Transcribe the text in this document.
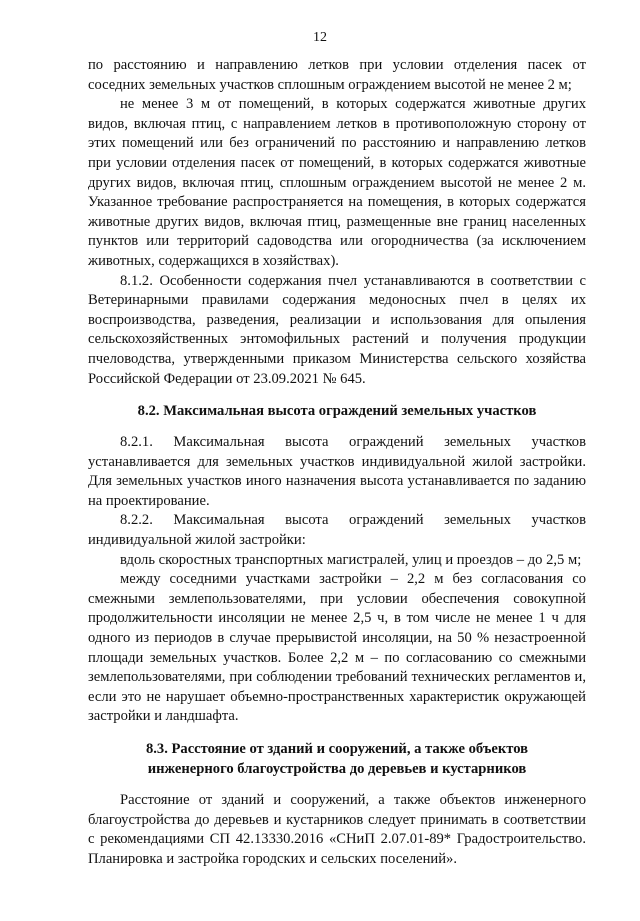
12

по расстоянию и направлению летков при условии отделения пасек от соседних земельных участков сплошным ограждением высотой не менее 2 м;

не менее 3 м от помещений, в которых содержатся животные других видов, включая птиц, с направлением летков в противоположную сторону от этих помещений или без ограничений по расстоянию и направлению летков при условии отделения пасек от помещений, в которых содержатся животные других видов, включая птиц, сплошным ограждением высотой не менее 2 м. Указанное требование распространяется на помещения, в которых содержатся животные других видов, включая птиц, размещенные вне границ населенных пунктов или территорий садоводства или огородничества (за исключением животных, содержащихся в хозяйствах).

8.1.2. Особенности содержания пчел устанавливаются в соответствии с Ветеринарными правилами содержания медоносных пчел в целях их воспроизводства, разведения, реализации и использования для опыления сельскохозяйственных энтомофильных растений и получения продукции пчеловодства, утвержденными приказом Министерства сельского хозяйства Российской Федерации от 23.09.2021 № 645.

8.2. Максимальная высота ограждений земельных участков

8.2.1. Максимальная высота ограждений земельных участков устанавливается для земельных участков индивидуальной жилой застройки. Для земельных участков иного назначения высота устанавливается по заданию на проектирование.

8.2.2. Максимальная высота ограждений земельных участков индивидуальной жилой застройки:

вдоль скоростных транспортных магистралей, улиц и проездов – до 2,5 м;

между соседними участками застройки – 2,2 м без согласования со смежными землепользователями, при условии обеспечения совокупной продолжительности инсоляции не менее 2,5 ч, в том числе не менее 1 ч для одного из периодов в случае прерывистой инсоляции, на 50 % незастроенной площади земельных участков. Более 2,2 м – по согласованию со смежными землепользователями, при соблюдении требований технических регламентов и, если это не нарушает объемно-пространственных характеристик окружающей застройки и ландшафта.

8.3. Расстояние от зданий и сооружений, а также объектов
инженерного благоустройства до деревьев и кустарников

Расстояние от зданий и сооружений, а также объектов инженерного благоустройства до деревьев и кустарников следует принимать в соответствии с рекомендациями СП 42.13330.2016 «СНиП 2.07.01-89* Градостроительство. Планировка и застройка городских и сельских поселений».
